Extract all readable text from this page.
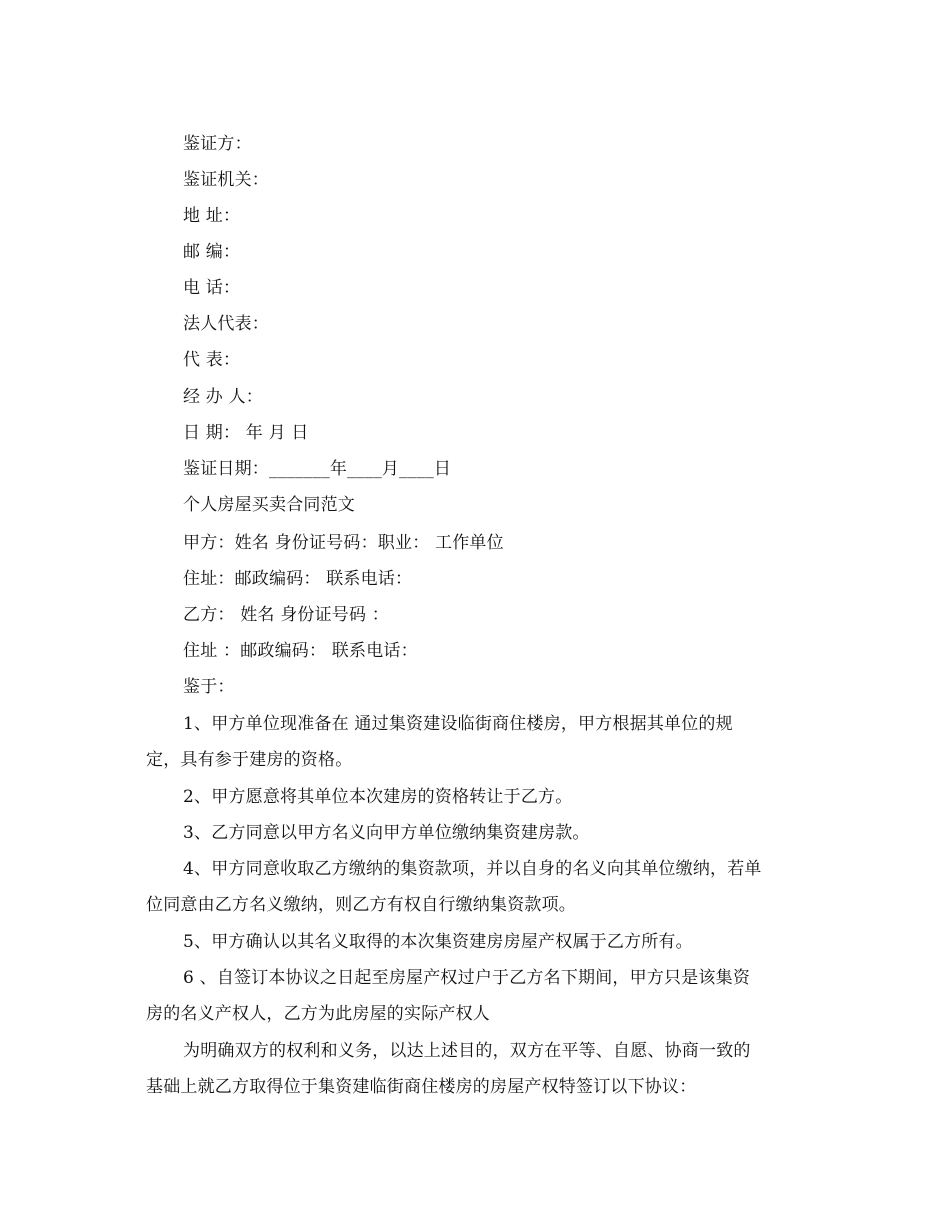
鉴证方：
鉴证机关：
地 址：
邮 编：
电 话：
法人代表：
代 表：
经 办 人：
日 期： 年 月 日
鉴证日期：_______年____月____日
个人房屋买卖合同范文
甲方：姓名 身份证号码：职业： 工作单位
住址：邮政编码： 联系电话：
乙方： 姓名 身份证号码 ：
住址 ：邮政编码： 联系电话：
鉴于：
1、甲方单位现准备在 通过集资建设临街商住楼房，甲方根据其单位的规
定，具有参于建房的资格。
2、甲方愿意将其单位本次建房的资格转让于乙方。
3、乙方同意以甲方名义向甲方单位缴纳集资建房款。
4、甲方同意收取乙方缴纳的集资款项，并以自身的名义向其单位缴纳，若单
位同意由乙方名义缴纳，则乙方有权自行缴纳集资款项。
5、甲方确认以其名义取得的本次集资建房房屋产权属于乙方所有。
6 、自签订本协议之日起至房屋产权过户于乙方名下期间，甲方只是该集资
房的名义产权人，乙方为此房屋的实际产权人
为明确双方的权利和义务，以达上述目的，双方在平等、自愿、协商一致的
基础上就乙方取得位于集资建临街商住楼房的房屋产权特签订以下协议：
